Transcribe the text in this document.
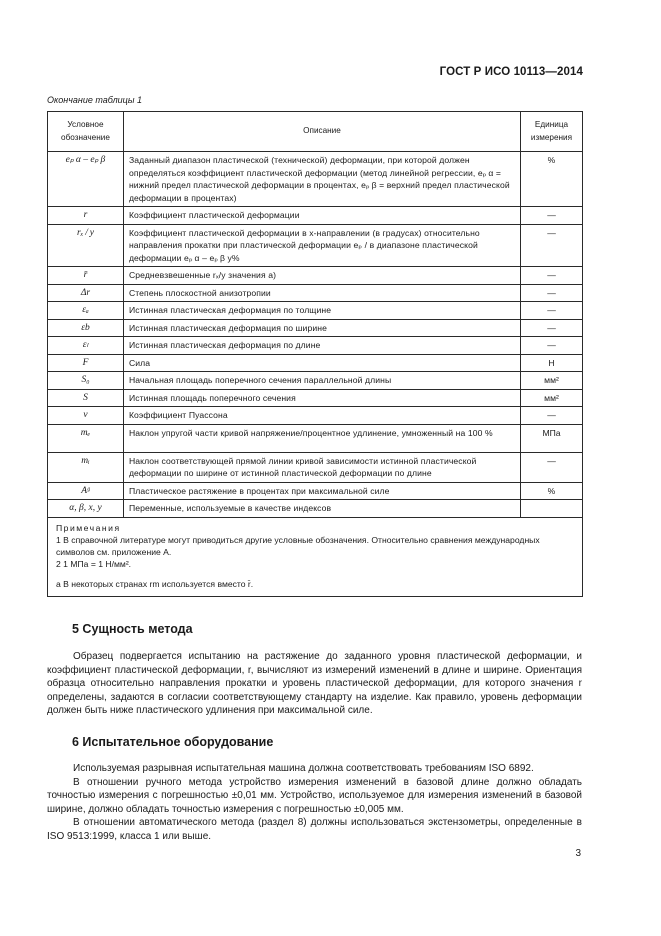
ГОСТ Р ИСО 10113—2014
Окончание таблицы 1
Условное обозначение	Описание	Единица измерения
eₚ α – eₚ β	Заданный диапазон пластической (технической) деформации, при которой должен определяться коэффициент пластической деформации (метод линейной регрессии, eₚ α = нижний предел пластической деформации в процентах, eₚ β = верхний предел пластической деформации в процентах)	%
r	Коэффициент пластической деформации	—
rₓ / y	Коэффициент пластической деформации в х-направлении (в градусах) относительно направления прокатки при пластической деформации eₚ / в диапазоне пластической деформации eₚ α – eₚ β y%	—
r̄	Средневзвешенные rₓ/y значения a)	—
Δr	Степень плоскостной анизотропии	—
εₐ	Истинная пластическая деформация по толщине	—
εb	Истинная пластическая деформация по ширине	—
εₗ	Истинная пластическая деформация по длине	—
F	Сила	Н
S₀	Начальная площадь поперечного сечения параллельной длины	мм²
S	Истинная площадь поперечного сечения	мм²
ν	Коэффициент Пуассона	—
mₑ	Наклон упругой части кривой напряжение/процентное удлинение, умноженный на 100 %	МПа
mᵢ	Наклон соответствующей прямой линии кривой зависимости истинной пластической деформации по ширине от истинной пластической деформации по длине	—
Aᵍ	Пластическое растяжение в процентах при максимальной силе	%
α, β, x, y	Переменные, используемые в качестве индексов	

Примечания
1 В справочной литературе могут приводиться другие условные обозначения. Относительно сравнения международных символов см. приложение А.
2 1 МПа = 1 Н/мм².
a В некоторых странах rm используется вместо r̄.		
5 Сущность метода

Образец подвергается испытанию на растяжение до заданного уровня пластической деформации, и коэффициент пластической деформации, r, вычисляют из измерений изменений в длине и ширине. Ориентация образца относительно направления прокатки и уровень пластической деформации, для которого значения r определены, задаются в согласии соответствующему стандарту на изделие. Как правило, уровень деформации должен быть ниже пластического удлинения при максимальной силе.

6 Испытательное оборудование

Используемая разрывная испытательная машина должна соответствовать требованиям ISO 6892.

В отношении ручного метода устройство измерения изменений в базовой длине должно обладать точностью измерения с погрешностью ±0,01 мм. Устройство, используемое для измерения изменений в базовой ширине, должно обладать точностью измерения с погрешностью ±0,005 мм.

В отношении автоматического метода (раздел 8) должны использоваться экстензометры, определенные в ISO 9513:1999, класса 1 или выше.

3
